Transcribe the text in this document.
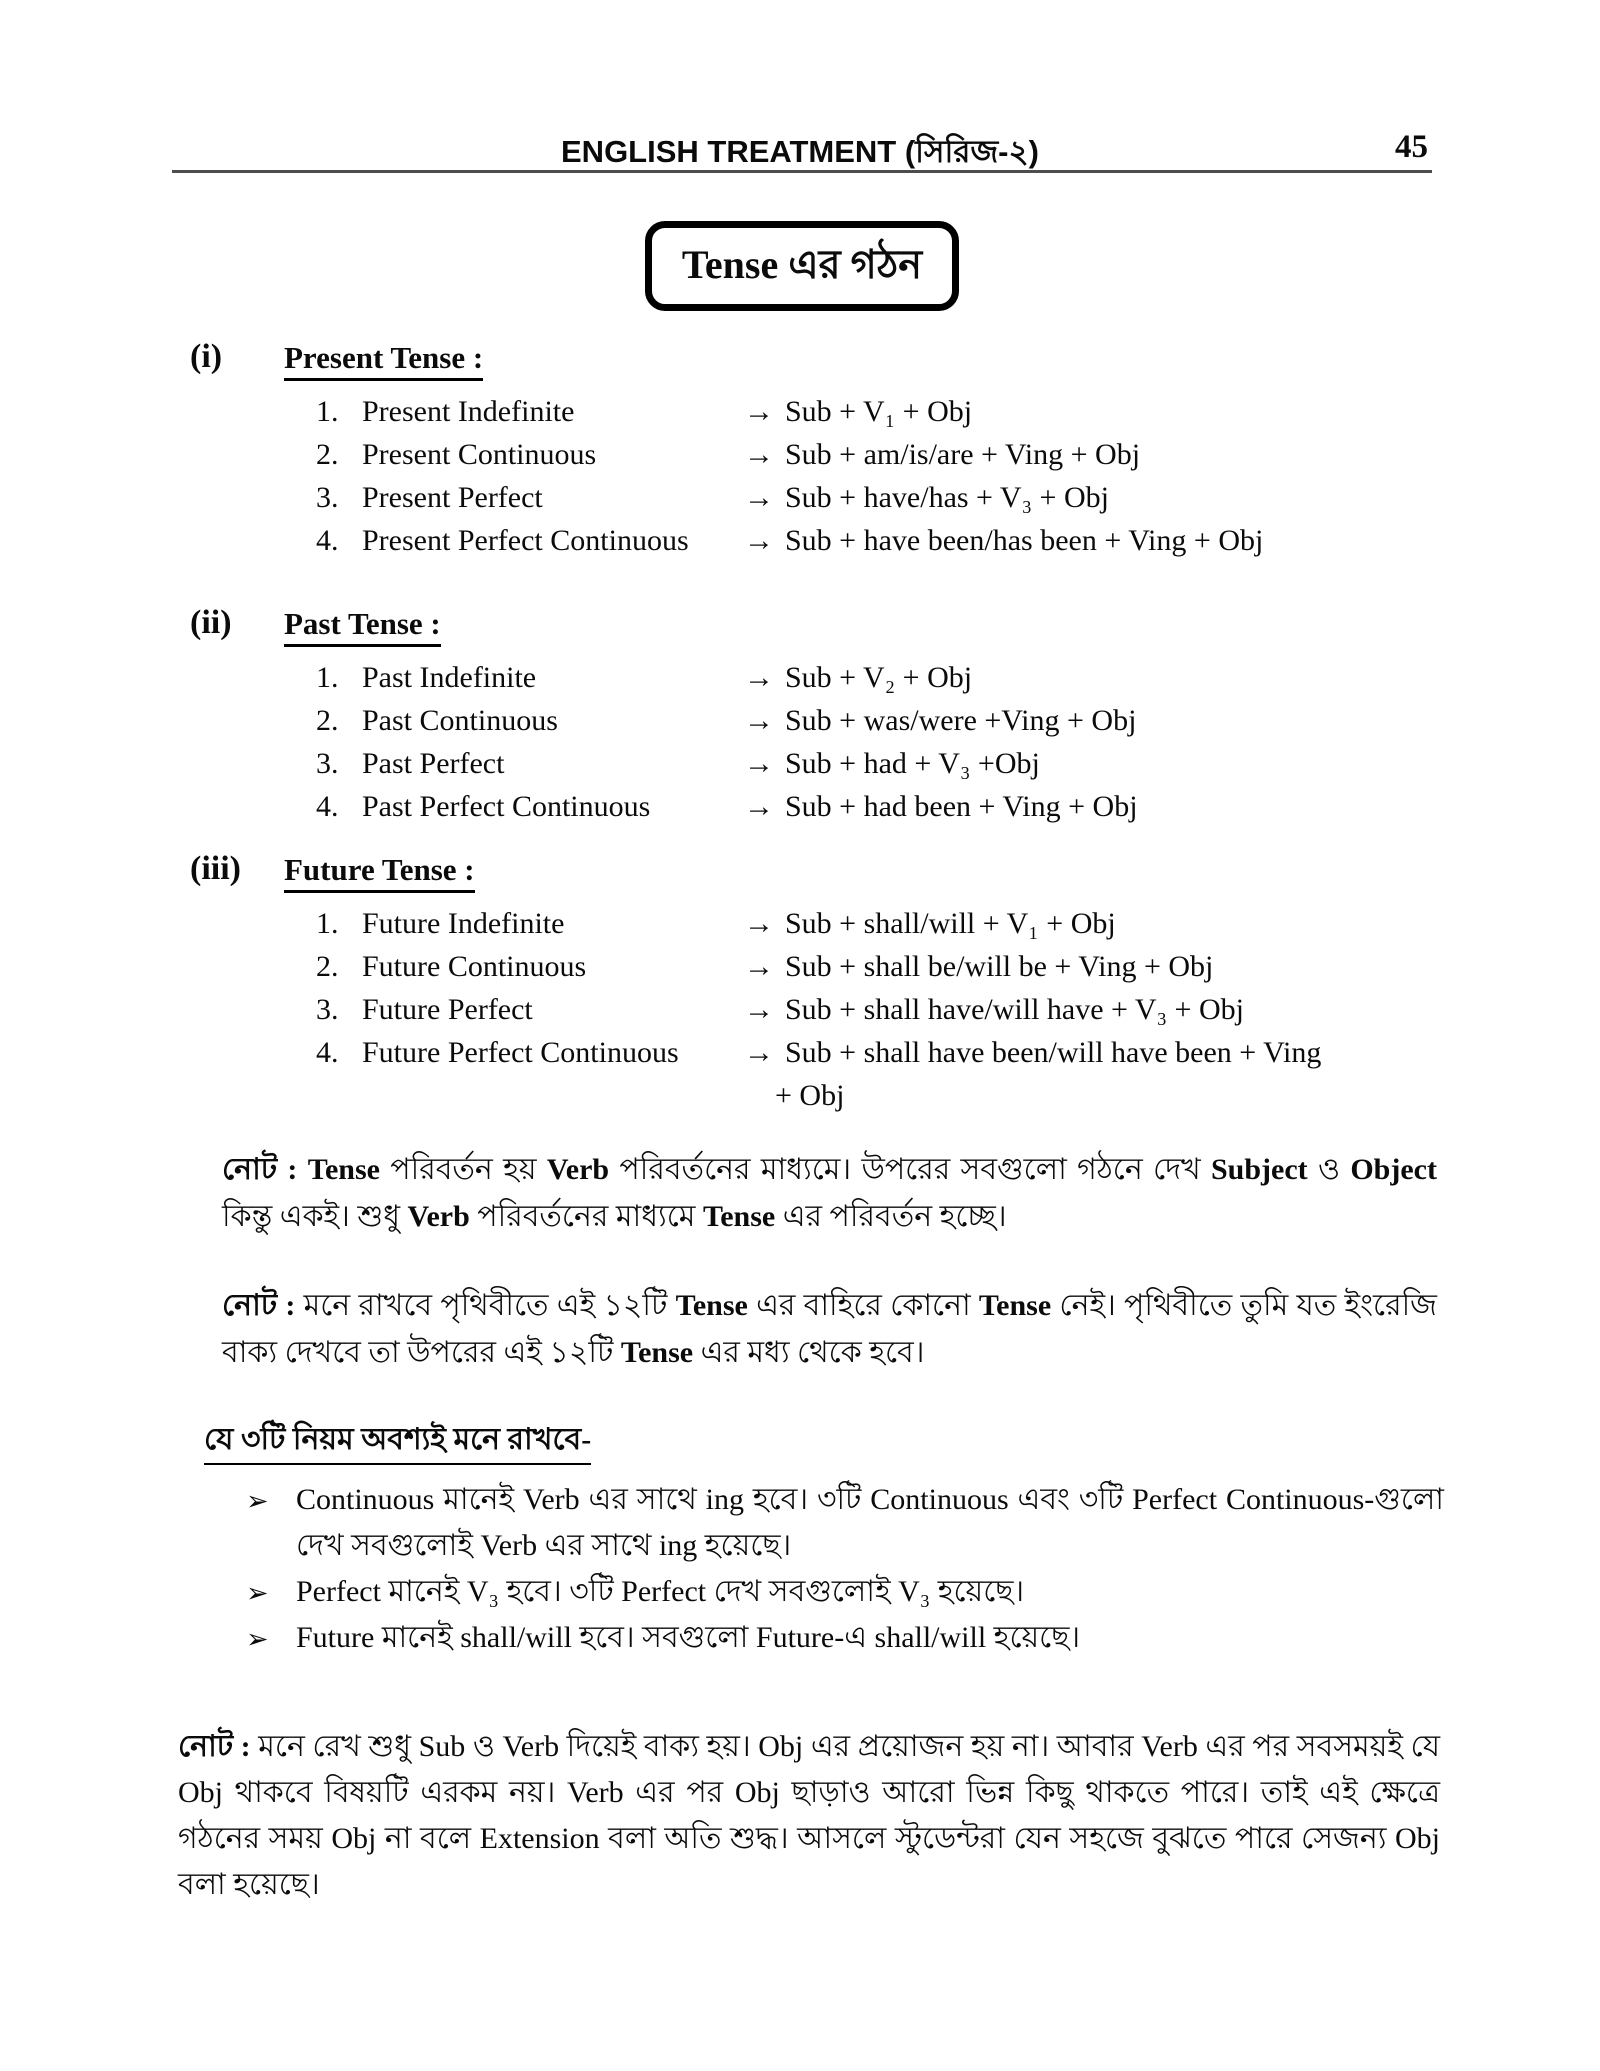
ENGLISH TREATMENT (সিরিজ-২)	45
Tense এর গঠন
(i) Present Tense :
1. Present Indefinite	→ Sub + V₁ + Obj
2. Present Continuous	→ Sub + am/is/are + Ving + Obj
3. Present Perfect	→ Sub + have/has + V₃ + Obj
4. Present Perfect Continuous → Sub + have been/has been + Ving + Obj
(ii) Past Tense :
1. Past Indefinite	→ Sub + V₂ + Obj
2. Past Continuous	→ Sub + was/were +Ving + Obj
3. Past Perfect	→ Sub + had + V₃ +Obj
4. Past Perfect Continuous	→ Sub + had been + Ving + Obj
(iii) Future Tense :
1. Future Indefinite	→ Sub + shall/will + V₁ + Obj
2. Future Continuous	→ Sub + shall be/will be + Ving + Obj
3. Future Perfect	→ Sub + shall have/will have + V₃ + Obj
4. Future Perfect Continuous → Sub + shall have been/will have been + Ving
+ Obj
নোট : Tense পরিবর্তন হয় Verb পরিবর্তনের মাধ্যমে। উপরের সবগুলো গঠনে দেখ Subject ও Object কিন্তু একই। শুধু Verb পরিবর্তনের মাধ্যমে Tense এর পরিবর্তন হচ্ছে।
নোট : মনে রাখবে পৃথিবীতে এই ১২টি Tense এর বাহিরে কোনো Tense নেই। পৃথিবীতে তুমি যত ইংরেজি বাক্য দেখবে তা উপরের এই ১২টি Tense এর মধ্য থেকে হবে।
যে ৩টি নিয়ম অবশ্যই মনে রাখবে-
➢ Continuous মানেই Verb এর সাথে ing হবে। ৩টি Continuous এবং ৩টি Perfect Continuous-গুলো দেখ সবগুলোই Verb এর সাথে ing হয়েছে।
➢ Perfect মানেই V₃ হবে। ৩টি Perfect দেখ সবগুলোই V₃ হয়েছে।
➢ Future মানেই shall/will হবে। সবগুলো Future-এ shall/will হয়েছে।
নোট : মনে রেখ শুধু Sub ও Verb দিয়েই বাক্য হয়। Obj এর প্রয়োজন হয় না। আবার Verb এর পর সবসময়ই যে Obj থাকবে বিষয়টি এরকম নয়। Verb এর পর Obj ছাড়াও আরো ভিন্ন কিছু থাকতে পারে। তাই এই ক্ষেত্রে গঠনের সময় Obj না বলে Extension বলা অতি শুদ্ধ। আসলে স্টুডেন্টরা যেন সহজে বুঝতে পারে সেজন্য Obj বলা হয়েছে।
